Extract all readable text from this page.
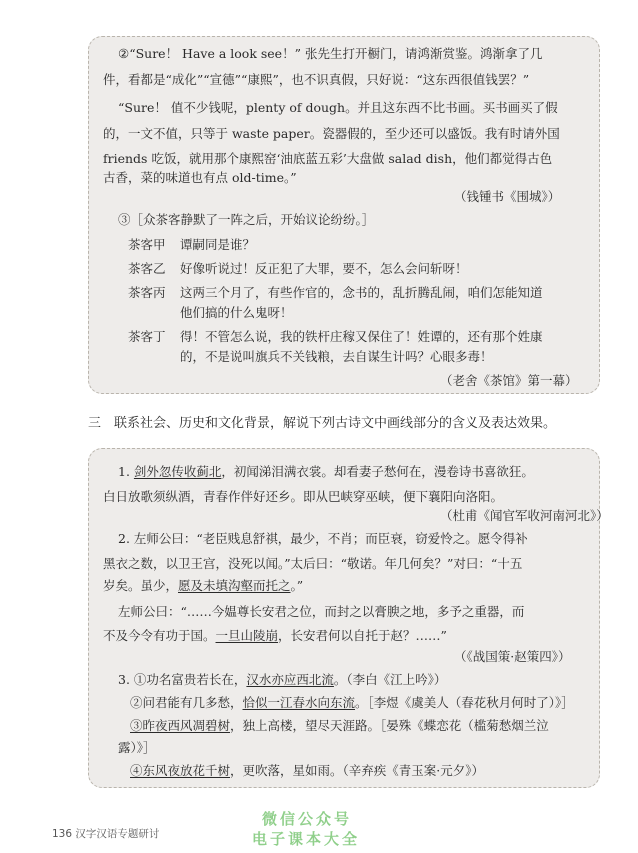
②“Sure！ Have a look see！” 张先生打开橱门，请鸿渐赏鉴。鸿渐拿了几
件，看都是“成化”“宣德”“康熙”，也不识真假，只好说：“这东西很值钱罢？”
“Sure！ 值不少钱呢，plenty of dough。并且这东西不比书画。买书画买了假
的，一文不值，只等于 waste paper。瓷器假的，至少还可以盛饭。我有时请外国
friends 吃饭，就用那个康熙窑‘油底蓝五彩’大盘做 salad dish，他们都觉得古色
古香，菜的味道也有点 old-time。”
（钱锺书《围城》）
③［众茶客静默了一阵之后，开始议论纷纷。］
茶客甲 谭嗣同是谁？
茶客乙 好像听说过！反正犯了大罪，要不，怎么会问斩呀！
茶客丙 这两三个月了，有些作官的，念书的，乱折腾乱闹，咱们怎能知道
他们搞的什么鬼呀！
茶客丁 得！不管怎么说，我的铁杆庄稼又保住了！姓谭的，还有那个姓康
的，不是说叫旗兵不关钱粮，去自谋生计吗？心眼多毒！
（老舍《茶馆》第一幕）
三　联系社会、历史和文化背景，解说下列古诗文中画线部分的含义及表达效果。
1. 剑外忽传收蓟北，初闻涕泪满衣裳。却看妻子愁何在，漫卷诗书喜欲狂。
白日放歌须纵酒，青春作伴好还乡。即从巴峡穿巫峡，便下襄阳向洛阳。
（杜甫《闻官军收河南河北》）
2. 左师公曰：“老臣贱息舒祺，最少，不肖；而臣衰，窃爱怜之。愿令得补
黑衣之数，以卫王宫，没死以闻。”太后曰：“敬诺。年几何矣？”对曰：“十五
岁矣。虽少，愿及未填沟壑而托之。”
左师公曰：“……今媪尊长安君之位，而封之以膏腴之地，多予之重器，而
不及今令有功于国。一旦山陵崩，长安君何以自托于赵？……”
（《战国策·赵策四》）
3. ①功名富贵若长在，汉水亦应西北流。（李白《江上吟》）
②问君能有几多愁，恰似一江春水向东流。［李煜《虞美人（春花秋月何时了）》］
③昨夜西风凋碧树，独上高楼，望尽天涯路。［晏殊《蝶恋花（槛菊愁烟兰泣
露）》］
④东风夜放花千树，更吹落，星如雨。（辛弃疾《青玉案·元夕》）
136 汉字汉语专题研讨
微信公众号
电子课本大全
